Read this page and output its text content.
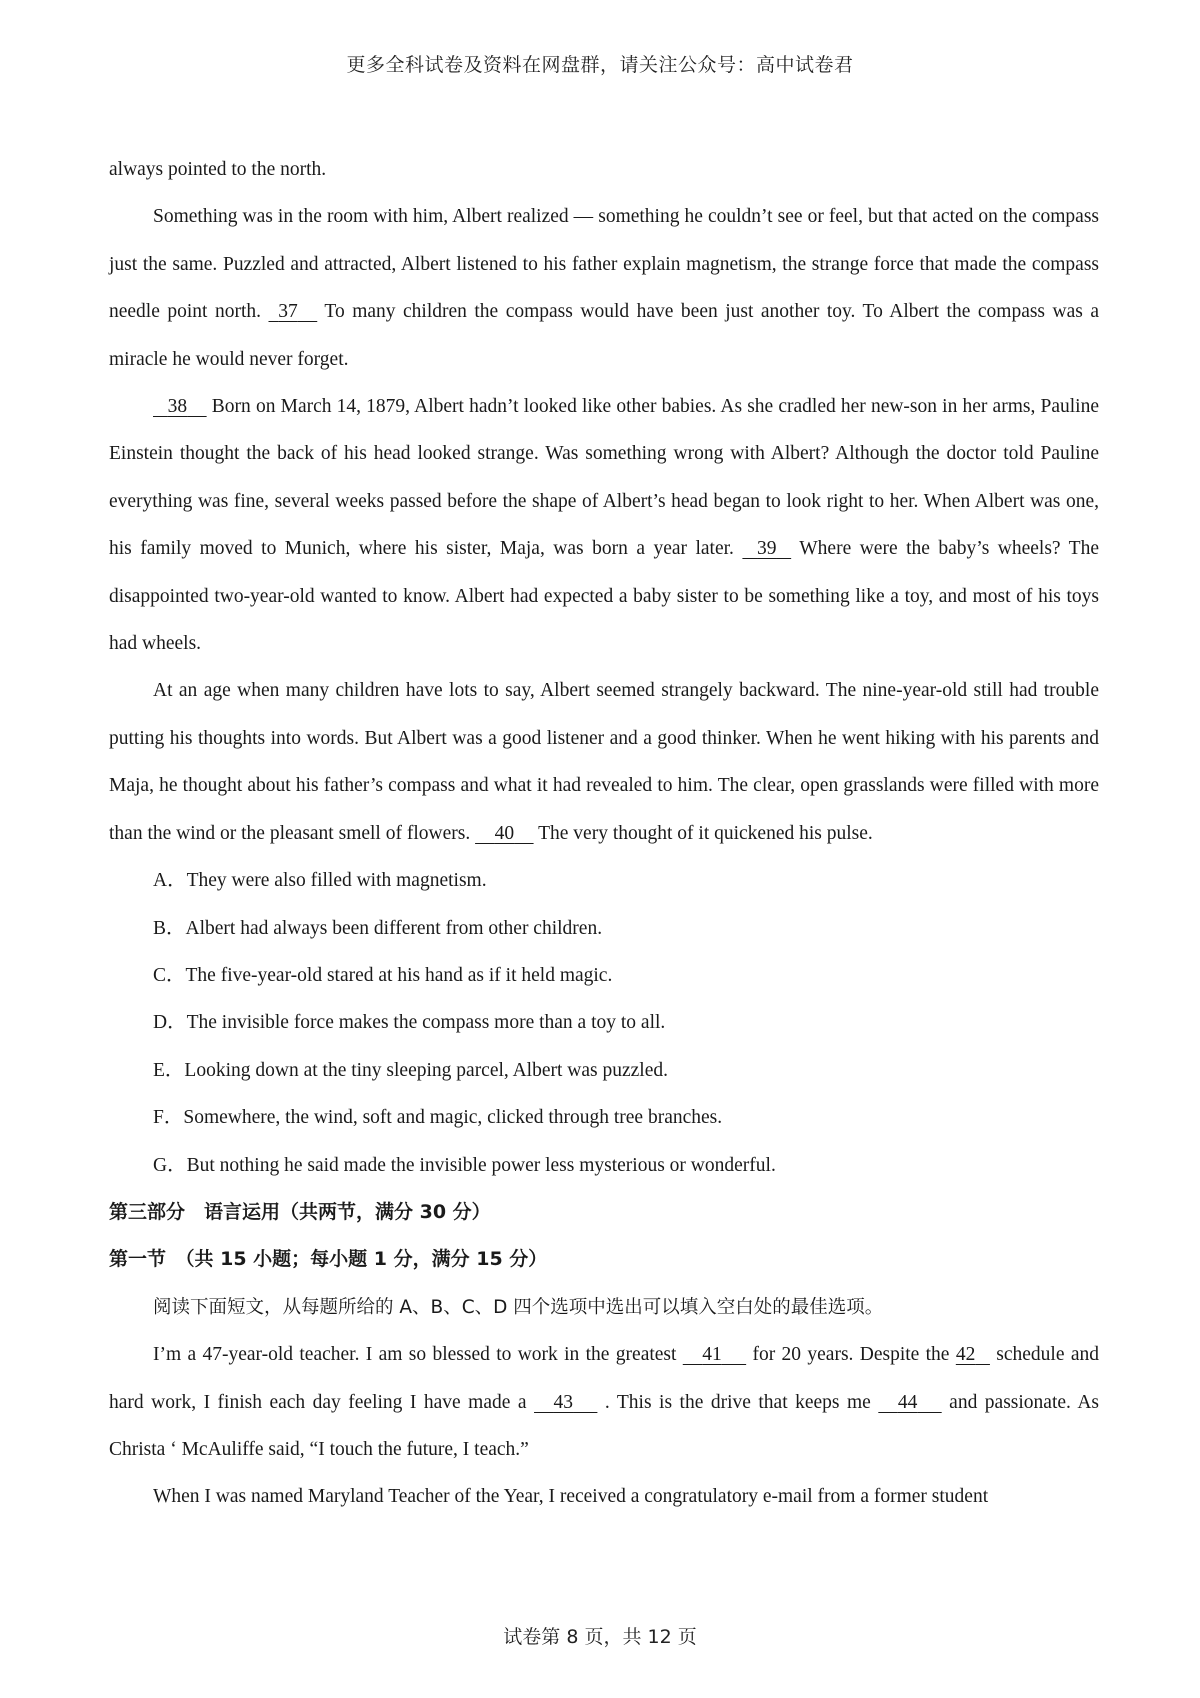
更多全科试卷及资料在网盘群，请关注公众号：高中试卷君

always pointed to the north.

Something was in the room with him, Albert realized — something he couldn’t see or feel, but that acted on the compass just the same. Puzzled and attracted, Albert listened to his father explain magnetism, the strange force that made the compass needle point north.   37     To many children the compass would have been just another toy. To Albert the compass was a miracle he would never forget.

38     Born on March 14, 1879, Albert hadn’t looked like other babies. As she cradled her new-son in her arms, Pauline Einstein thought the back of his head looked strange. Was something wrong with Albert? Although the doctor told Pauline everything was fine, several weeks passed before the shape of Albert’s head began to look right to her. When Albert was one, his family moved to Munich, where his sister, Maja, was born a year later.    39    Where were the baby’s wheels? The disappointed two-year-old wanted to know. Albert had expected a baby sister to be something like a toy, and most of his toys had wheels.

At an age when many children have lots to say, Albert seemed strangely backward. The nine-year-old still had trouble putting his thoughts into words. But Albert was a good listener and a good thinker. When he went hiking with his parents and Maja, he thought about his father’s compass and what it had revealed to him. The clear, open grasslands were filled with more than the wind or the pleasant smell of flowers.     40     The very thought of it quickened his pulse.

A．They were also filled with magnetism.

B．Albert had always been different from other children.

C．The five-year-old stared at his hand as if it held magic.

D．The invisible force makes the compass more than a toy to all.

E．Looking down at the tiny sleeping parcel, Albert was puzzled.

F．Somewhere, the wind, soft and magic, clicked through tree branches.

G．But nothing he said made the invisible power less mysterious or wonderful.

第三部分　语言运用（共两节，满分 30 分）

第一节　（共 15 小题；每小题 1 分，满分 15 分）

阅读下面短文，从每题所给的 A、B、C、D 四个选项中选出可以填入空白处的最佳选项。

I’m a 47-year-old teacher. I am so blessed to work in the greatest     41      for 20 years. Despite the 42    schedule and hard work, I finish each day feeling I have made a     43      . This is the drive that keeps me     44      and passionate. As Christa ‘ McAuliffe said, “I touch the future, I teach.”

When I was named Maryland Teacher of the Year, I received a congratulatory e-mail from a former student

试卷第 8 页，共 12 页
